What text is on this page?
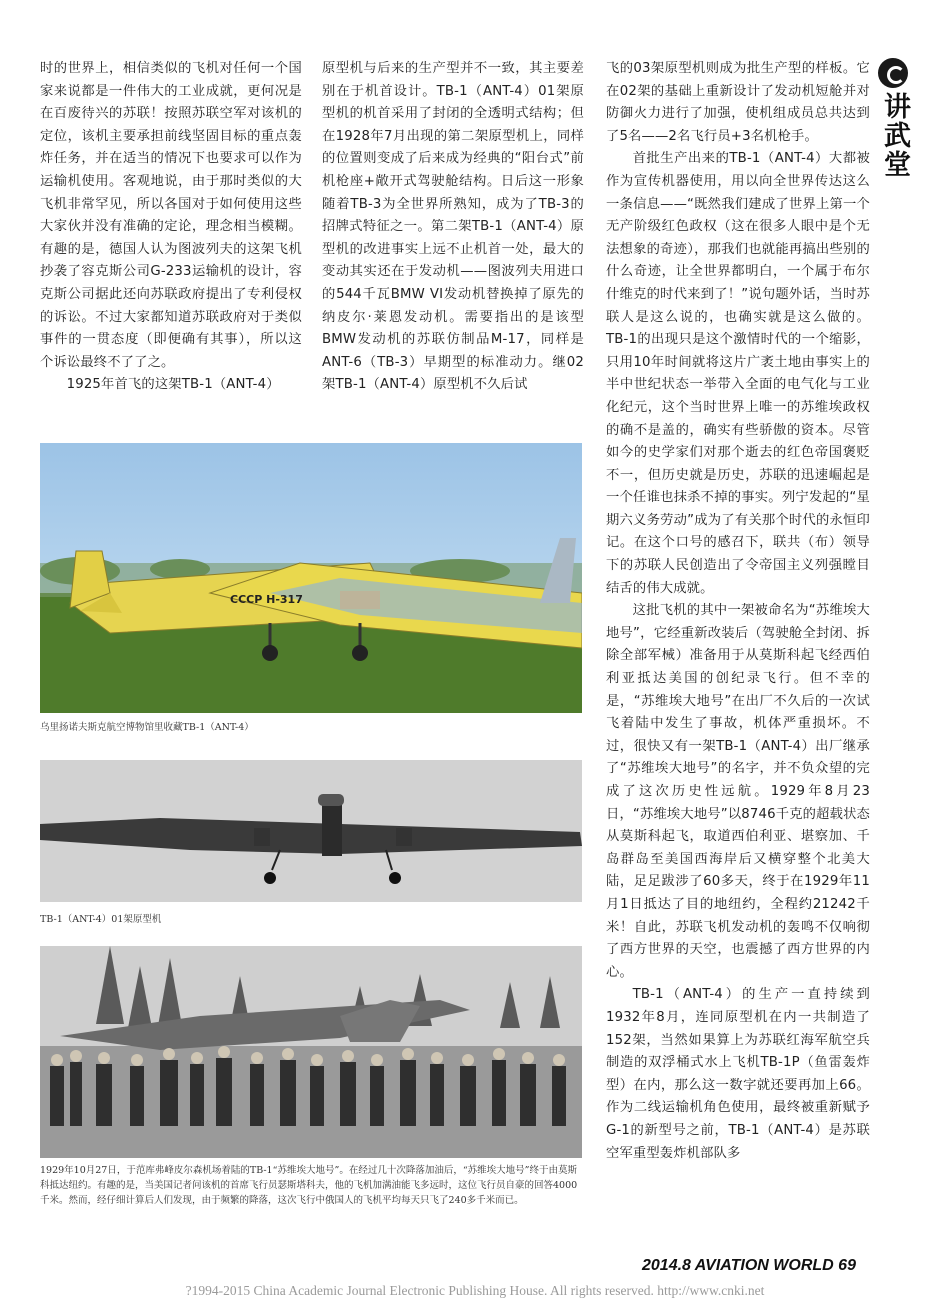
时的世界上，相信类似的飞机对任何一个国家来说都是一件伟大的工业成就，更何况是在百废待兴的苏联！按照苏联空军对该机的定位，该机主要承担前线坚固目标的重点轰炸任务，并在适当的情况下也要求可以作为运输机使用。客观地说，由于那时类似的大飞机非常罕见，所以各国对于如何使用这些大家伙并没有准确的定论，理念相当模糊。有趣的是，德国人认为图波列夫的这架飞机抄袭了容克斯公司G-233运输机的设计，容克斯公司据此还向苏联政府提出了专利侵权的诉讼。不过大家都知道苏联政府对于类似事件的一贯态度（即便确有其事），所以这个诉讼最终不了了之。

1925年首飞的这架TB-1（ANT-4）

原型机与后来的生产型并不一致，其主要差别在于机首设计。TB-1（ANT-4）01架原型机的机首采用了封闭的全透明式结构；但在1928年7月出现的第二架原型机上，同样的位置则变成了后来成为经典的“阳台式”前机枪座+敞开式驾驶舱结构。日后这一形象随着TB-3为全世界所熟知，成为了TB-3的招牌式特征之一。第二架TB-1（ANT-4）原型机的改进事实上远不止机首一处，最大的变动其实还在于发动机——图波列夫用进口的544千瓦BMW VI发动机替换掉了原先的纳皮尔·莱恩发动机。需要指出的是该型BMW发动机的苏联仿制品M-17，同样是ANT-6（TB-3）早期型的标准动力。继02架TB-1（ANT-4）原型机不久后试

飞的03架原型机则成为批生产型的样板。它在02架的基础上重新设计了发动机短舱并对防御火力进行了加强，使机组成员总共达到了5名——2名飞行员+3名机枪手。

首批生产出来的TB-1（ANT-4）大都被作为宣传机器使用，用以向全世界传达这么一条信息——“既然我们建成了世界上第一个无产阶级红色政权（这在很多人眼中是个无法想象的奇迹），那我们也就能再搞出些别的什么奇迹，让全世界都明白，一个属于布尔什维克的时代来到了！”说句题外话，当时苏联人是这么说的，也确实就是这么做的。TB-1的出现只是这个激情时代的一个缩影，只用10年时间就将这片广袤土地由事实上的半中世纪状态一举带入全面的电气化与工业化纪元，这个当时世界上唯一的苏维埃政权的确不是盖的，确实有些骄傲的资本。尽管如今的史学家们对那个逝去的红色帝国褒贬不一，但历史就是历史，苏联的迅速崛起是一个任谁也抹杀不掉的事实。列宁发起的“星期六义务劳动”成为了有关那个时代的永恒印记。在这个口号的感召下，联共（布）领导下的苏联人民创造出了令帝国主义列强瞠目结舌的伟大成就。

这批飞机的其中一架被命名为“苏维埃大地号”，它经重新改装后（驾驶舱全封闭、拆除全部军械）准备用于从莫斯科起飞经西伯利亚抵达美国的创纪录飞行。但不幸的是，“苏维埃大地号”在出厂不久后的一次试飞着陆中发生了事故，机体严重损坏。不过，很快又有一架TB-1（ANT-4）出厂继承了“苏维埃大地号”的名字，并不负众望的完成了这次历史性远航。1929年8月23日，“苏维埃大地号”以8746千克的超载状态从莫斯科起飞，取道西伯利亚、堪察加、千岛群岛至美国西海岸后又横穿整个北美大陆，足足跋涉了60多天，终于在1929年11月1日抵达了目的地纽约，全程约21242千米！自此，苏联飞机发动机的轰鸣不仅响彻了西方世界的天空，也震撼了西方世界的内心。

TB-1（ANT-4）的生产一直持续到1932年8月，连同原型机在内一共制造了152架，当然如果算上为苏联红海军航空兵制造的双浮桶式水上飞机TB-1P（鱼雷轰炸型）在内，那么这一数字就还要再加上66。作为二线运输机角色使用，最终被重新赋予G-1的新型号之前，TB-1（ANT-4）是苏联空军重型轰炸机部队多

СССР Н-317
乌里扬诺夫斯克航空博物馆里收藏TB-1（ANT-4）
TB-1（ANT-4）01架原型机
1929年10月27日，于范库弗峰皮尔森机场着陆的TB-1“苏维埃大地号”。在经过几十次降落加油后，“苏维埃大地号”终于由莫斯科抵达纽约。有趣的是，当美国记者问该机的首席飞行员瑟斯塔科夫，他的飞机加满油能飞多远时，这位飞行员自豪的回答4000千米。然而，经仔细计算后人们发现，由于频繁的降落，这次飞行中俄国人的飞机平均每天只飞了240多千米而已。
讲武堂
2014.8 AVIATION WORLD 69
?1994-2015 China Academic Journal Electronic Publishing House. All rights reserved. http://www.cnki.net
